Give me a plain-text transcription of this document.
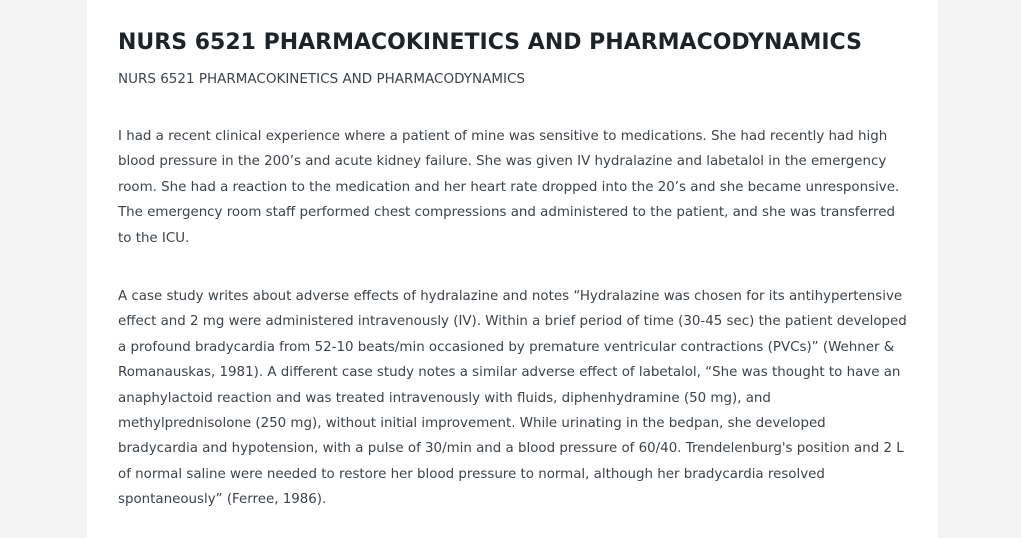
NURS 6521 PHARMACOKINETICS AND PHARMACODYNAMICS
NURS 6521 PHARMACOKINETICS AND PHARMACODYNAMICS

I had a recent clinical experience where a patient of mine was sensitive to medications. She had recently had high blood pressure in the 200’s and acute kidney failure. She was given IV hydralazine and labetalol in the emergency room. She had a reaction to the medication and her heart rate dropped into the 20’s and she became unresponsive. The emergency room staff performed chest compressions and administered to the patient, and she was transferred to the ICU.

A case study writes about adverse effects of hydralazine and notes “Hydralazine was chosen for its antihypertensive effect and 2 mg were administered intravenously (IV). Within a brief period of time (30-45 sec) the patient developed a profound bradycardia from 52-10 beats/min occasioned by premature ventricular contractions (PVCs)” (Wehner & Romanauskas, 1981). A different case study notes a similar adverse effect of labetalol, “She was thought to have an anaphylactoid reaction and was treated intravenously with fluids, diphenhydramine (50 mg), and methylprednisolone (250 mg), without initial improvement. While urinating in the bedpan, she developed bradycardia and hypotension, with a pulse of 30/min and a blood pressure of 60/40. Trendelenburg's position and 2 L of normal saline were needed to restore her blood pressure to normal, although her bradycardia resolved spontaneously” (Ferree, 1986).
